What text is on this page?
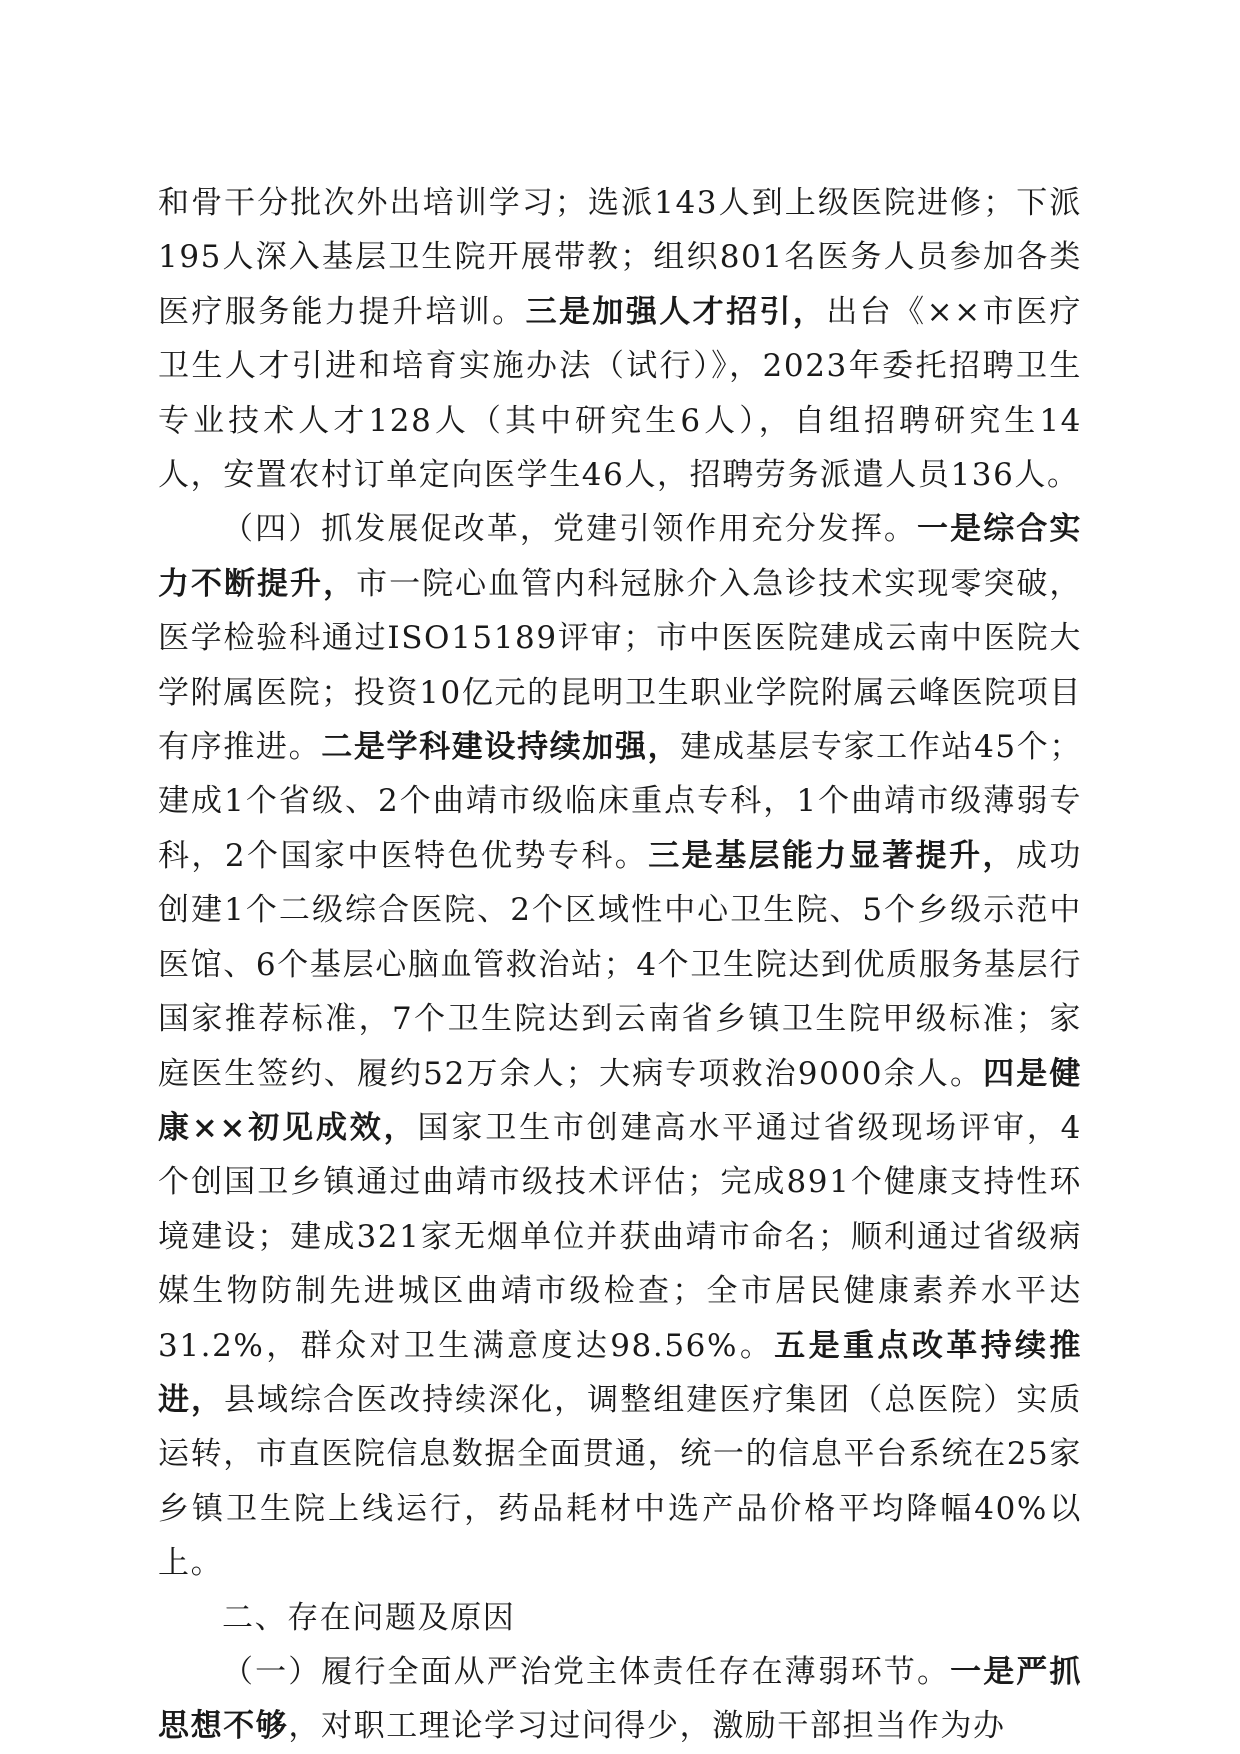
和骨干分批次外出培训学习；选派143人到上级医院进修；下派195人深入基层卫生院开展带教；组织801名医务人员参加各类医疗服务能力提升培训。三是加强人才招引，出台《××市医疗卫生人才引进和培育实施办法（试行）》，2023年委托招聘卫生专业技术人才128人（其中研究生6人），自组招聘研究生14人，安置农村订单定向医学生46人，招聘劳务派遣人员136人。

（四）抓发展促改革，党建引领作用充分发挥。一是综合实力不断提升，市一院心血管内科冠脉介入急诊技术实现零突破，医学检验科通过ISO15189评审；市中医医院建成云南中医院大学附属医院；投资10亿元的昆明卫生职业学院附属云峰医院项目有序推进。二是学科建设持续加强，建成基层专家工作站45个；建成1个省级、2个曲靖市级临床重点专科，1个曲靖市级薄弱专科，2个国家中医特色优势专科。三是基层能力显著提升，成功创建1个二级综合医院、2个区域性中心卫生院、5个乡级示范中医馆、6个基层心脑血管救治站；4个卫生院达到优质服务基层行国家推荐标准，7个卫生院达到云南省乡镇卫生院甲级标准；家庭医生签约、履约52万余人；大病专项救治9000余人。四是健康××初见成效，国家卫生市创建高水平通过省级现场评审，4个创国卫乡镇通过曲靖市级技术评估；完成891个健康支持性环境建设；建成321家无烟单位并获曲靖市命名；顺利通过省级病媒生物防制先进城区曲靖市级检查；全市居民健康素养水平达31.2%，群众对卫生满意度达98.56%。五是重点改革持续推进，县域综合医改持续深化，调整组建医疗集团（总医院）实质运转，市直医院信息数据全面贯通，统一的信息平台系统在25家乡镇卫生院上线运行，药品耗材中选产品价格平均降幅40%以上。

二、存在问题及原因

（一）履行全面从严治党主体责任存在薄弱环节。一是严抓思想不够，对职工理论学习过问得少，激励干部担当作为办
